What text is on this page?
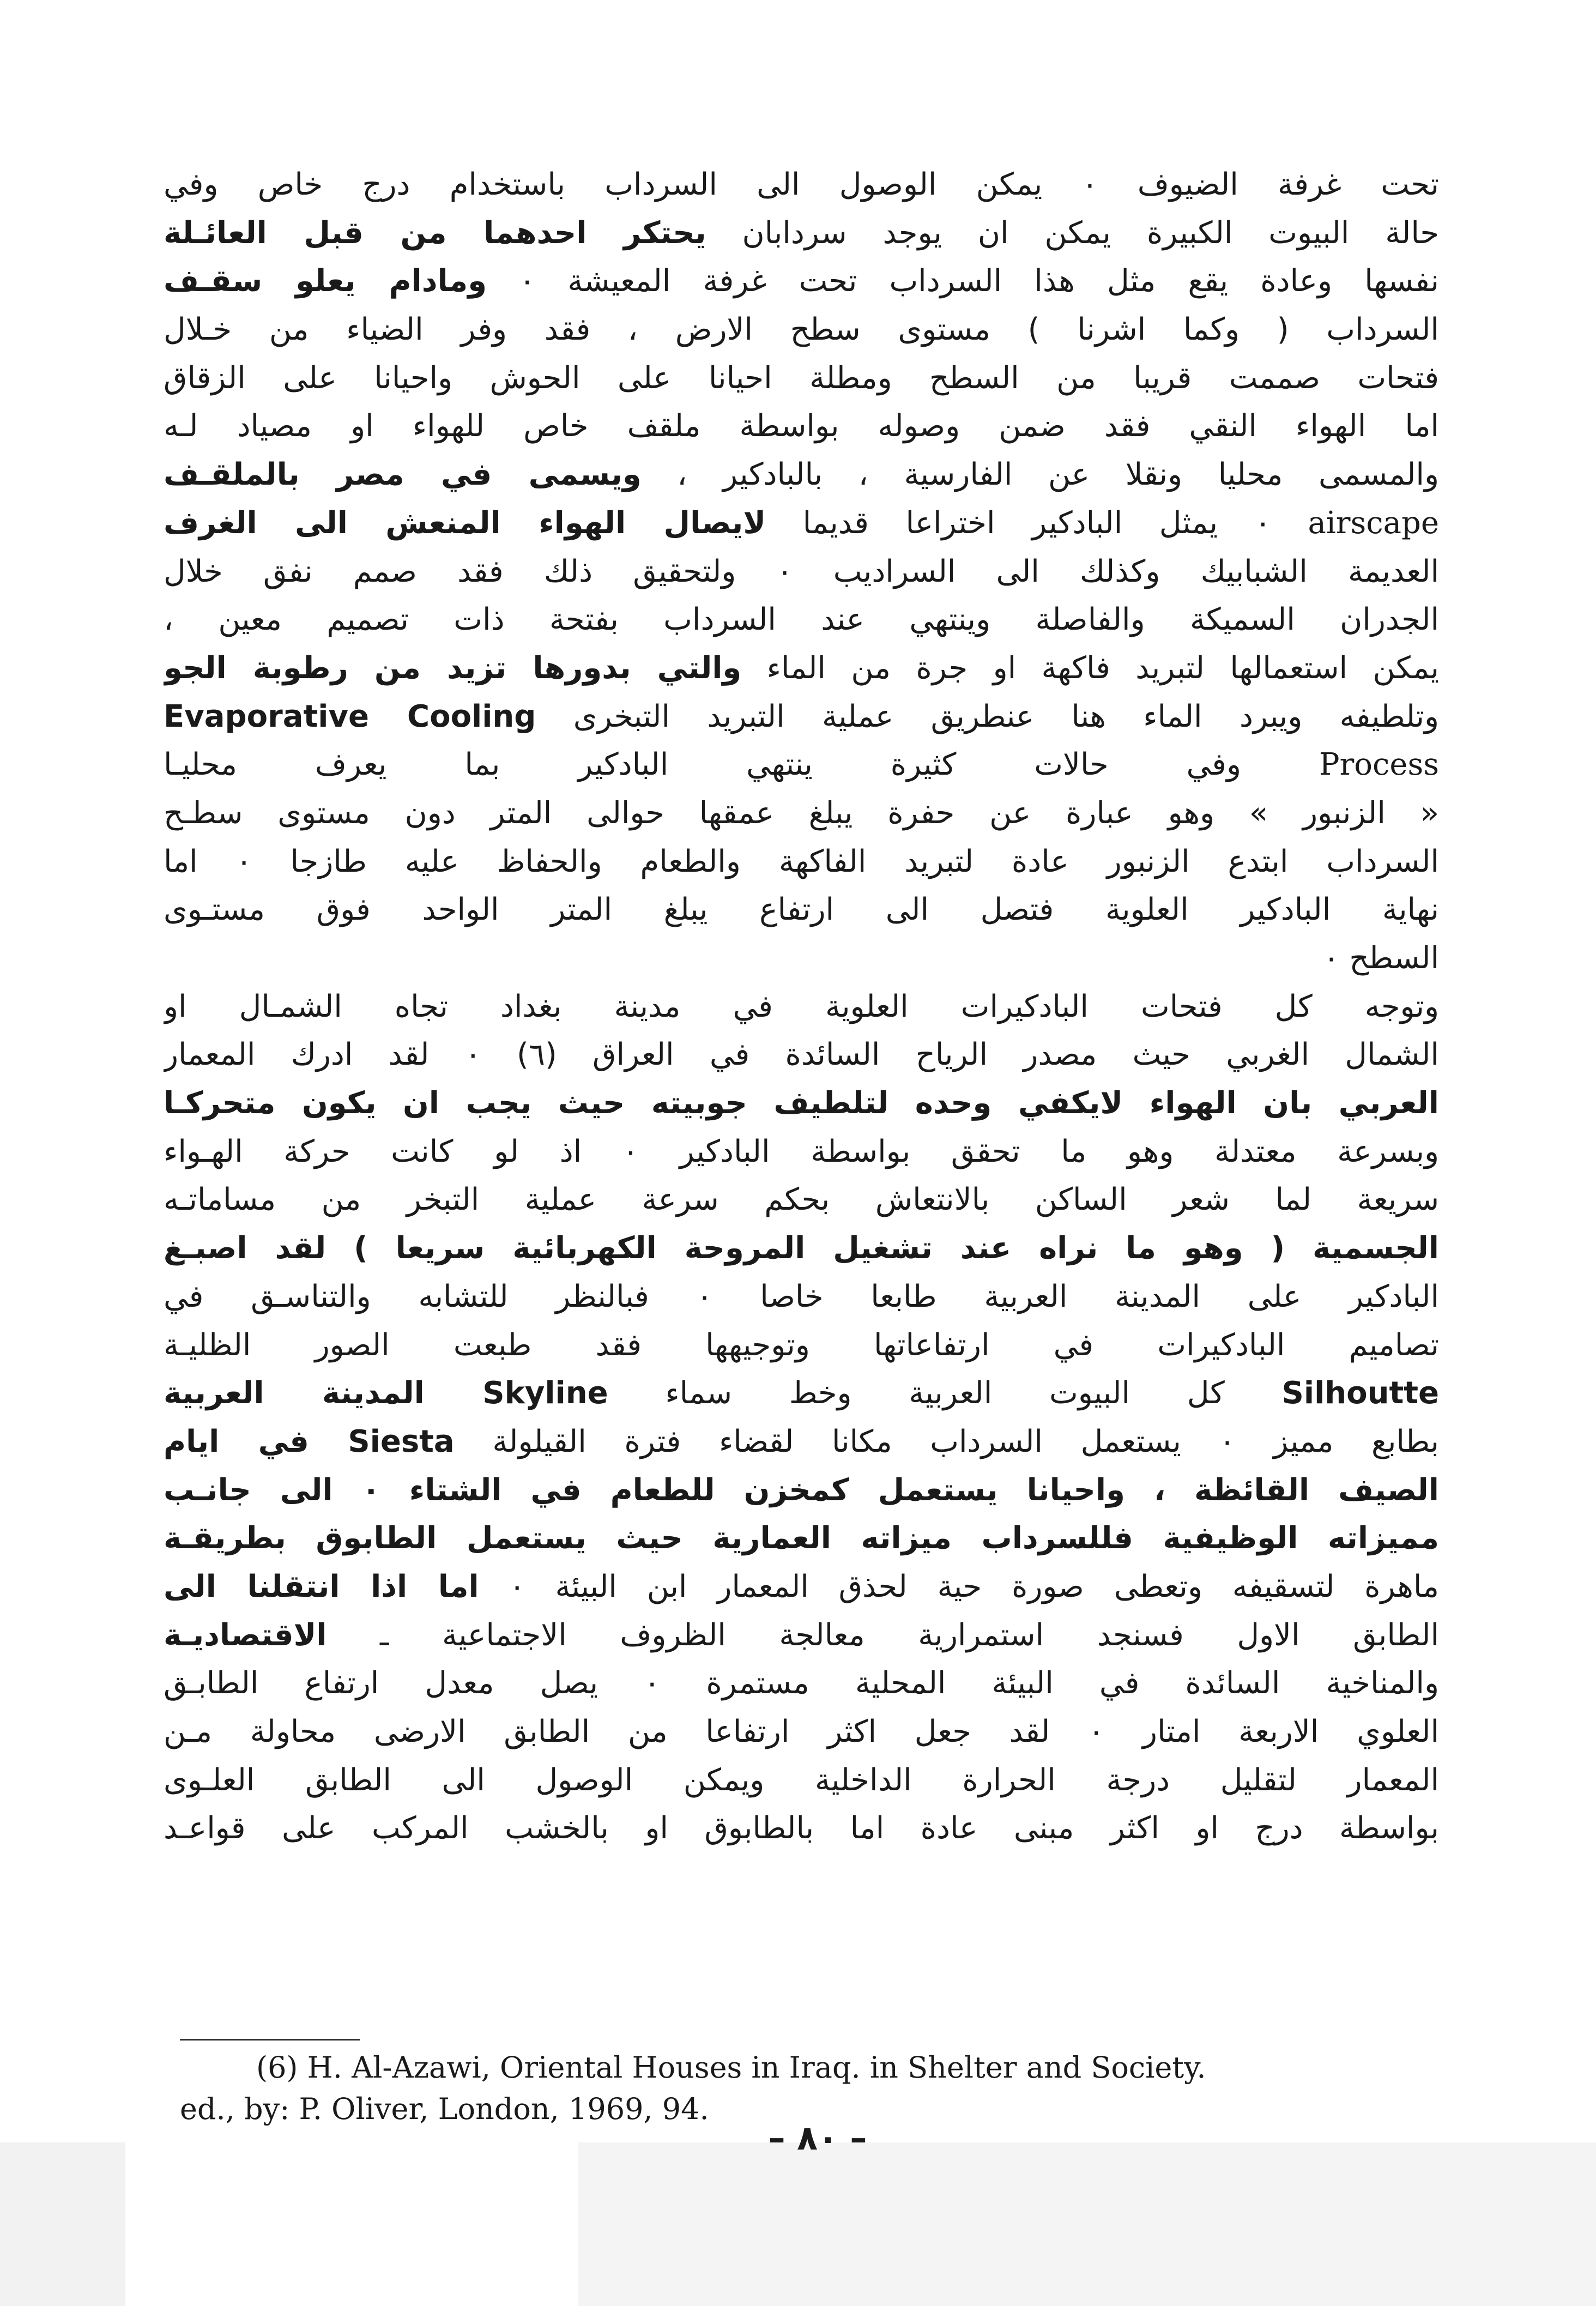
تحت غرفة الضيوف ٠ يمكن الوصول الى السرداب باستخدام درج خاص وفي
حالة البيوت الكبيرة يمكن ان يوجد سردابان يحتكر احدهما من قبل العائـلة
نفسها وعادة يقع مثل هذا السرداب تحت غرفة المعيشة ٠ ومادام يعلو سقـف
السرداب ( وكما اشرنا ) مستوى سطح الارض ، فقد وفر الضياء من خـلال
فتحات صممت قريبا من السطح ومطلة احيانا على الحوش واحيانا على الزقاق
اما الهواء النقي فقد ضمن وصوله بواسطة ملقف خاص للهواء او مصياد لـه
والمسمى محليا ونقلا عن الفارسية ، بالبادكير ، ويسمى في مصر بالملقـف
airscape ٠ يمثل البادكير اختراعا قديما لايصال الهواء المنعش الى الغرف
العديمة الشبابيك وكذلك الى السراديب ٠ ولتحقيق ذلك فقد صمم نفق خلال
الجدران السميكة والفاصلة وينتهي عند السرداب بفتحة ذات تصميم معين ،
يمكن استعمالها لتبريد فاكهة او جرة من الماء والتي بدورها تزيد من رطوبة الجو
وتلطيفه ويبرد الماء هنا عنطريق عملية التبريد التبخرى Evaporative Cooling
Process وفي حالات كثيرة ينتهي البادكير بما يعرف محليـا
« الزنبور » وهو عبارة عن حفرة يبلغ عمقها حوالى المتر دون مستوى سطـح
السرداب ابتدع الزنبور عادة لتبريد الفاكهة والطعام والحفاظ عليه طازجا ٠ اما
نهاية البادكير العلوية فتصل الى ارتفاع يبلغ المتر الواحد فوق مستـوى
السطح ٠
وتوجه كل فتحات البادكيرات العلوية في مدينة بغداد تجاه الشمـال او
الشمال الغربي حيث مصدر الرياح السائدة في العراق (٦) ٠ لقد ادرك المعمار
العربي بان الهواء لايكفي وحده لتلطيف جوبيته حيث يجب ان يكون متحركـا
وبسرعة معتدلة وهو ما تحقق بواسطة البادكير ٠ اذ لو كانت حركة الهـواء
سريعة لما شعر الساكن بالانتعاش بحكم سرعة عملية التبخر من مساماتـه
الجسمية ( وهو ما نراه عند تشغيل المروحة الكهربائية سريعا ) لقد اصبـغ
البادكير على المدينة العربية طابعا خاصا ٠ فبالنظر للتشابه والتناسـق في
تصاميم البادكيرات في ارتفاعاتها وتوجيهها فقد طبعت الصور الظليـة
Silhoutte كل البيوت العربية وخط سماء Skyline المدينة العربية
بطابع مميز ٠ يستعمل السرداب مكانا لقضاء فترة القيلولة Siesta في ايام
الصيف القائظة ، واحيانا يستعمل كمخزن للطعام في الشتاء ٠ الى جانـب
مميزاته الوظيفية فللسرداب ميزاته العمارية حيث يستعمل الطابوق بطريقـة
ماهرة لتسقيفه وتعطى صورة حية لحذق المعمار ابن البيئة ٠ اما اذا انتقلنا الى
الطابق الاول فسنجد استمرارية معالجة الظروف الاجتماعية ـ الاقتصاديـة
والمناخية السائدة في البيئة المحلية مستمرة ٠ يصل معدل ارتفاع الطابـق
العلوي الاربعة امتار ٠ لقد جعل اكثر ارتفاعا من الطابق الارضى محاولة مـن
المعمار لتقليل درجة الحرارة الداخلية ويمكن الوصول الى الطابق العلـوى
بواسطة درج او اكثر مبنى عادة اما بالطابوق او بالخشب المركب على قواعـد
(6) H. Al-Azawi, Oriental Houses in Iraq. in Shelter and Society.
ed., by: P. Oliver, London, 1969, 94.
– ٨٠ –
